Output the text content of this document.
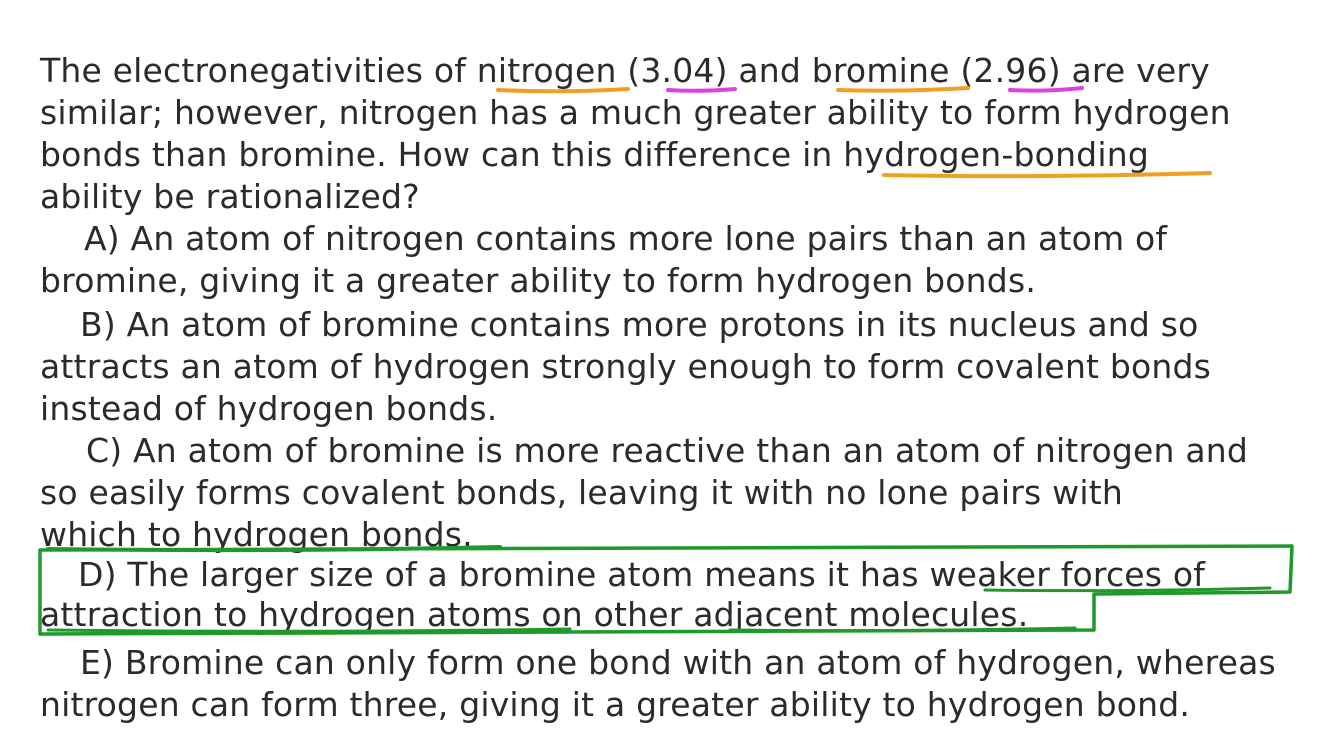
The electronegativities of nitrogen (3.04) and bromine (2.96) are very
similar; however, nitrogen has a much greater ability to form hydrogen
bonds than bromine. How can this difference in hydrogen-bonding
ability be rationalized?
A) An atom of nitrogen contains more lone pairs than an atom of
bromine, giving it a greater ability to form hydrogen bonds.
B) An atom of bromine contains more protons in its nucleus and so
attracts an atom of hydrogen strongly enough to form covalent bonds
instead of hydrogen bonds.
C) An atom of bromine is more reactive than an atom of nitrogen and
so easily forms covalent bonds, leaving it with no lone pairs with
which to hydrogen bonds.
D) The larger size of a bromine atom means it has weaker forces of
attraction to hydrogen atoms on other adjacent molecules.
E) Bromine can only form one bond with an atom of hydrogen, whereas
nitrogen can form three, giving it a greater ability to hydrogen bond.
